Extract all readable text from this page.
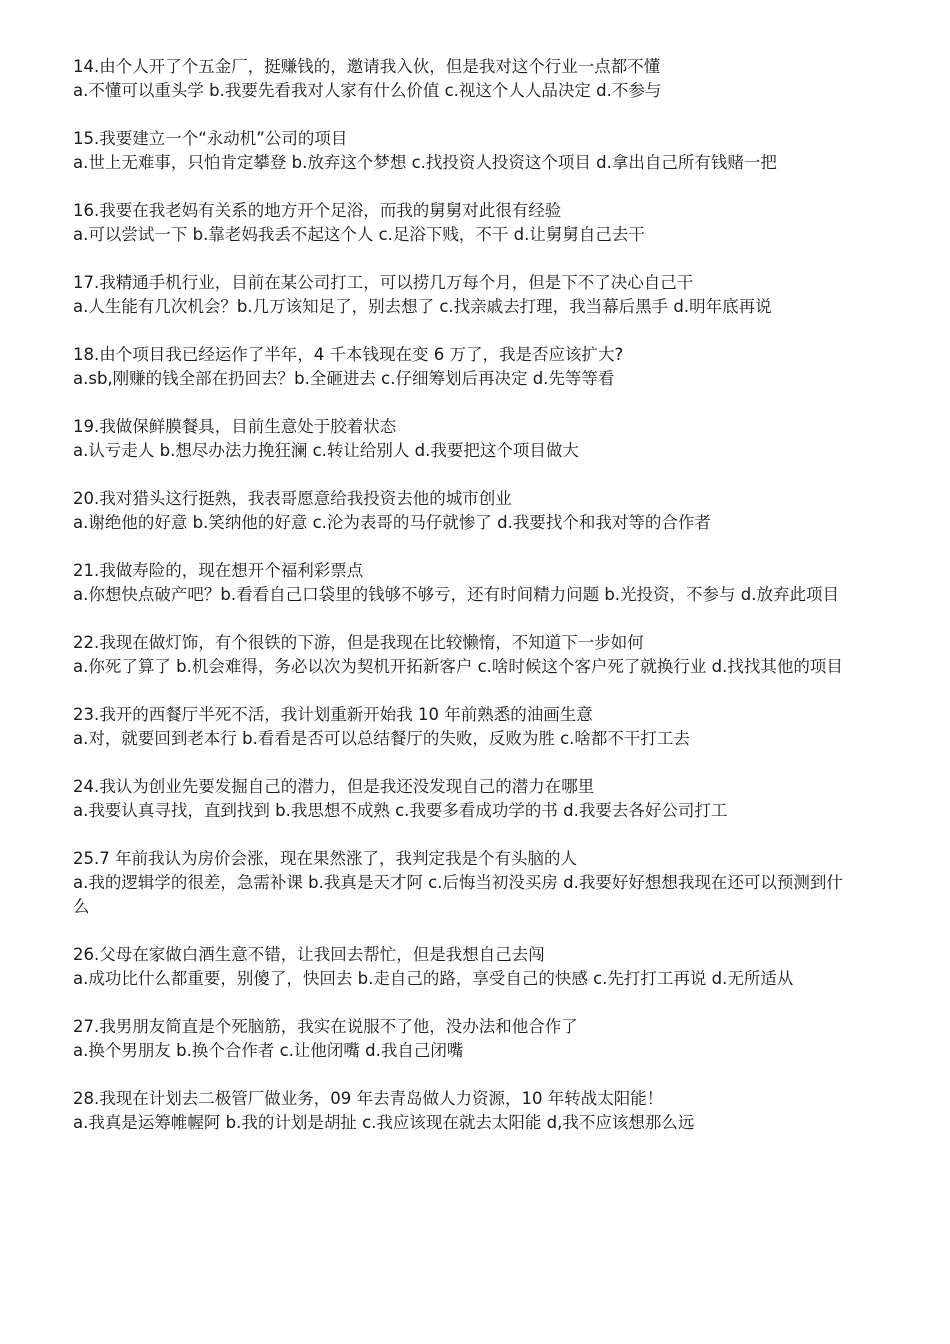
14.由个人开了个五金厂，挺赚钱的，邀请我入伙，但是我对这个行业一点都不懂

a.不懂可以重头学 b.我要先看我对人家有什么价值 c.视这个人人品决定 d.不参与

15.我要建立一个“永动机”公司的项目

a.世上无难事，只怕肯定攀登 b.放弃这个梦想 c.找投资人投资这个项目 d.拿出自己所有钱赌一把

16.我要在我老妈有关系的地方开个足浴，而我的舅舅对此很有经验

a.可以尝试一下 b.靠老妈我丢不起这个人 c.足浴下贱，不干 d.让舅舅自己去干

17.我精通手机行业，目前在某公司打工，可以捞几万每个月，但是下不了决心自己干

a.人生能有几次机会？b.几万该知足了，别去想了 c.找亲戚去打理，我当幕后黑手 d.明年底再说

18.由个项目我已经运作了半年，4 千本钱现在变 6 万了，我是否应该扩大?

a.sb,刚赚的钱全部在扔回去？b.全砸进去 c.仔细筹划后再决定 d.先等等看

19.我做保鲜膜餐具，目前生意处于胶着状态

a.认亏走人 b.想尽办法力挽狂澜 c.转让给别人 d.我要把这个项目做大

20.我对猎头这行挺熟，我表哥愿意给我投资去他的城市创业

a.谢绝他的好意 b.笑纳他的好意 c.沦为表哥的马仔就惨了 d.我要找个和我对等的合作者

21.我做寿险的，现在想开个福利彩票点

a.你想快点破产吧？b.看看自己口袋里的钱够不够亏，还有时间精力问题 b.光投资，不参与 d.放弃此项目

22.我现在做灯饰，有个很铁的下游，但是我现在比较懒惰，不知道下一步如何

a.你死了算了 b.机会难得，务必以次为契机开拓新客户 c.啥时候这个客户死了就换行业 d.找找其他的项目

23.我开的西餐厅半死不活，我计划重新开始我 10 年前熟悉的油画生意

a.对，就要回到老本行 b.看看是否可以总结餐厅的失败，反败为胜 c.啥都不干打工去

24.我认为创业先要发掘自己的潜力，但是我还没发现自己的潜力在哪里

a.我要认真寻找，直到找到 b.我思想不成熟 c.我要多看成功学的书 d.我要去各好公司打工

25.7 年前我认为房价会涨，现在果然涨了，我判定我是个有头脑的人

a.我的逻辑学的很差，急需补课 b.我真是天才阿 c.后悔当初没买房 d.我要好好想想我现在还可以预测到什么

26.父母在家做白酒生意不错，让我回去帮忙，但是我想自己去闯

a.成功比什么都重要，别傻了，快回去 b.走自己的路，享受自己的快感 c.先打打工再说 d.无所适从

27.我男朋友简直是个死脑筋，我实在说服不了他，没办法和他合作了

a.换个男朋友 b.换个合作者 c.让他闭嘴 d.我自己闭嘴

28.我现在计划去二极管厂做业务，09 年去青岛做人力资源，10 年转战太阳能！

a.我真是运筹帷幄阿 b.我的计划是胡扯 c.我应该现在就去太阳能 d,我不应该想那么远
